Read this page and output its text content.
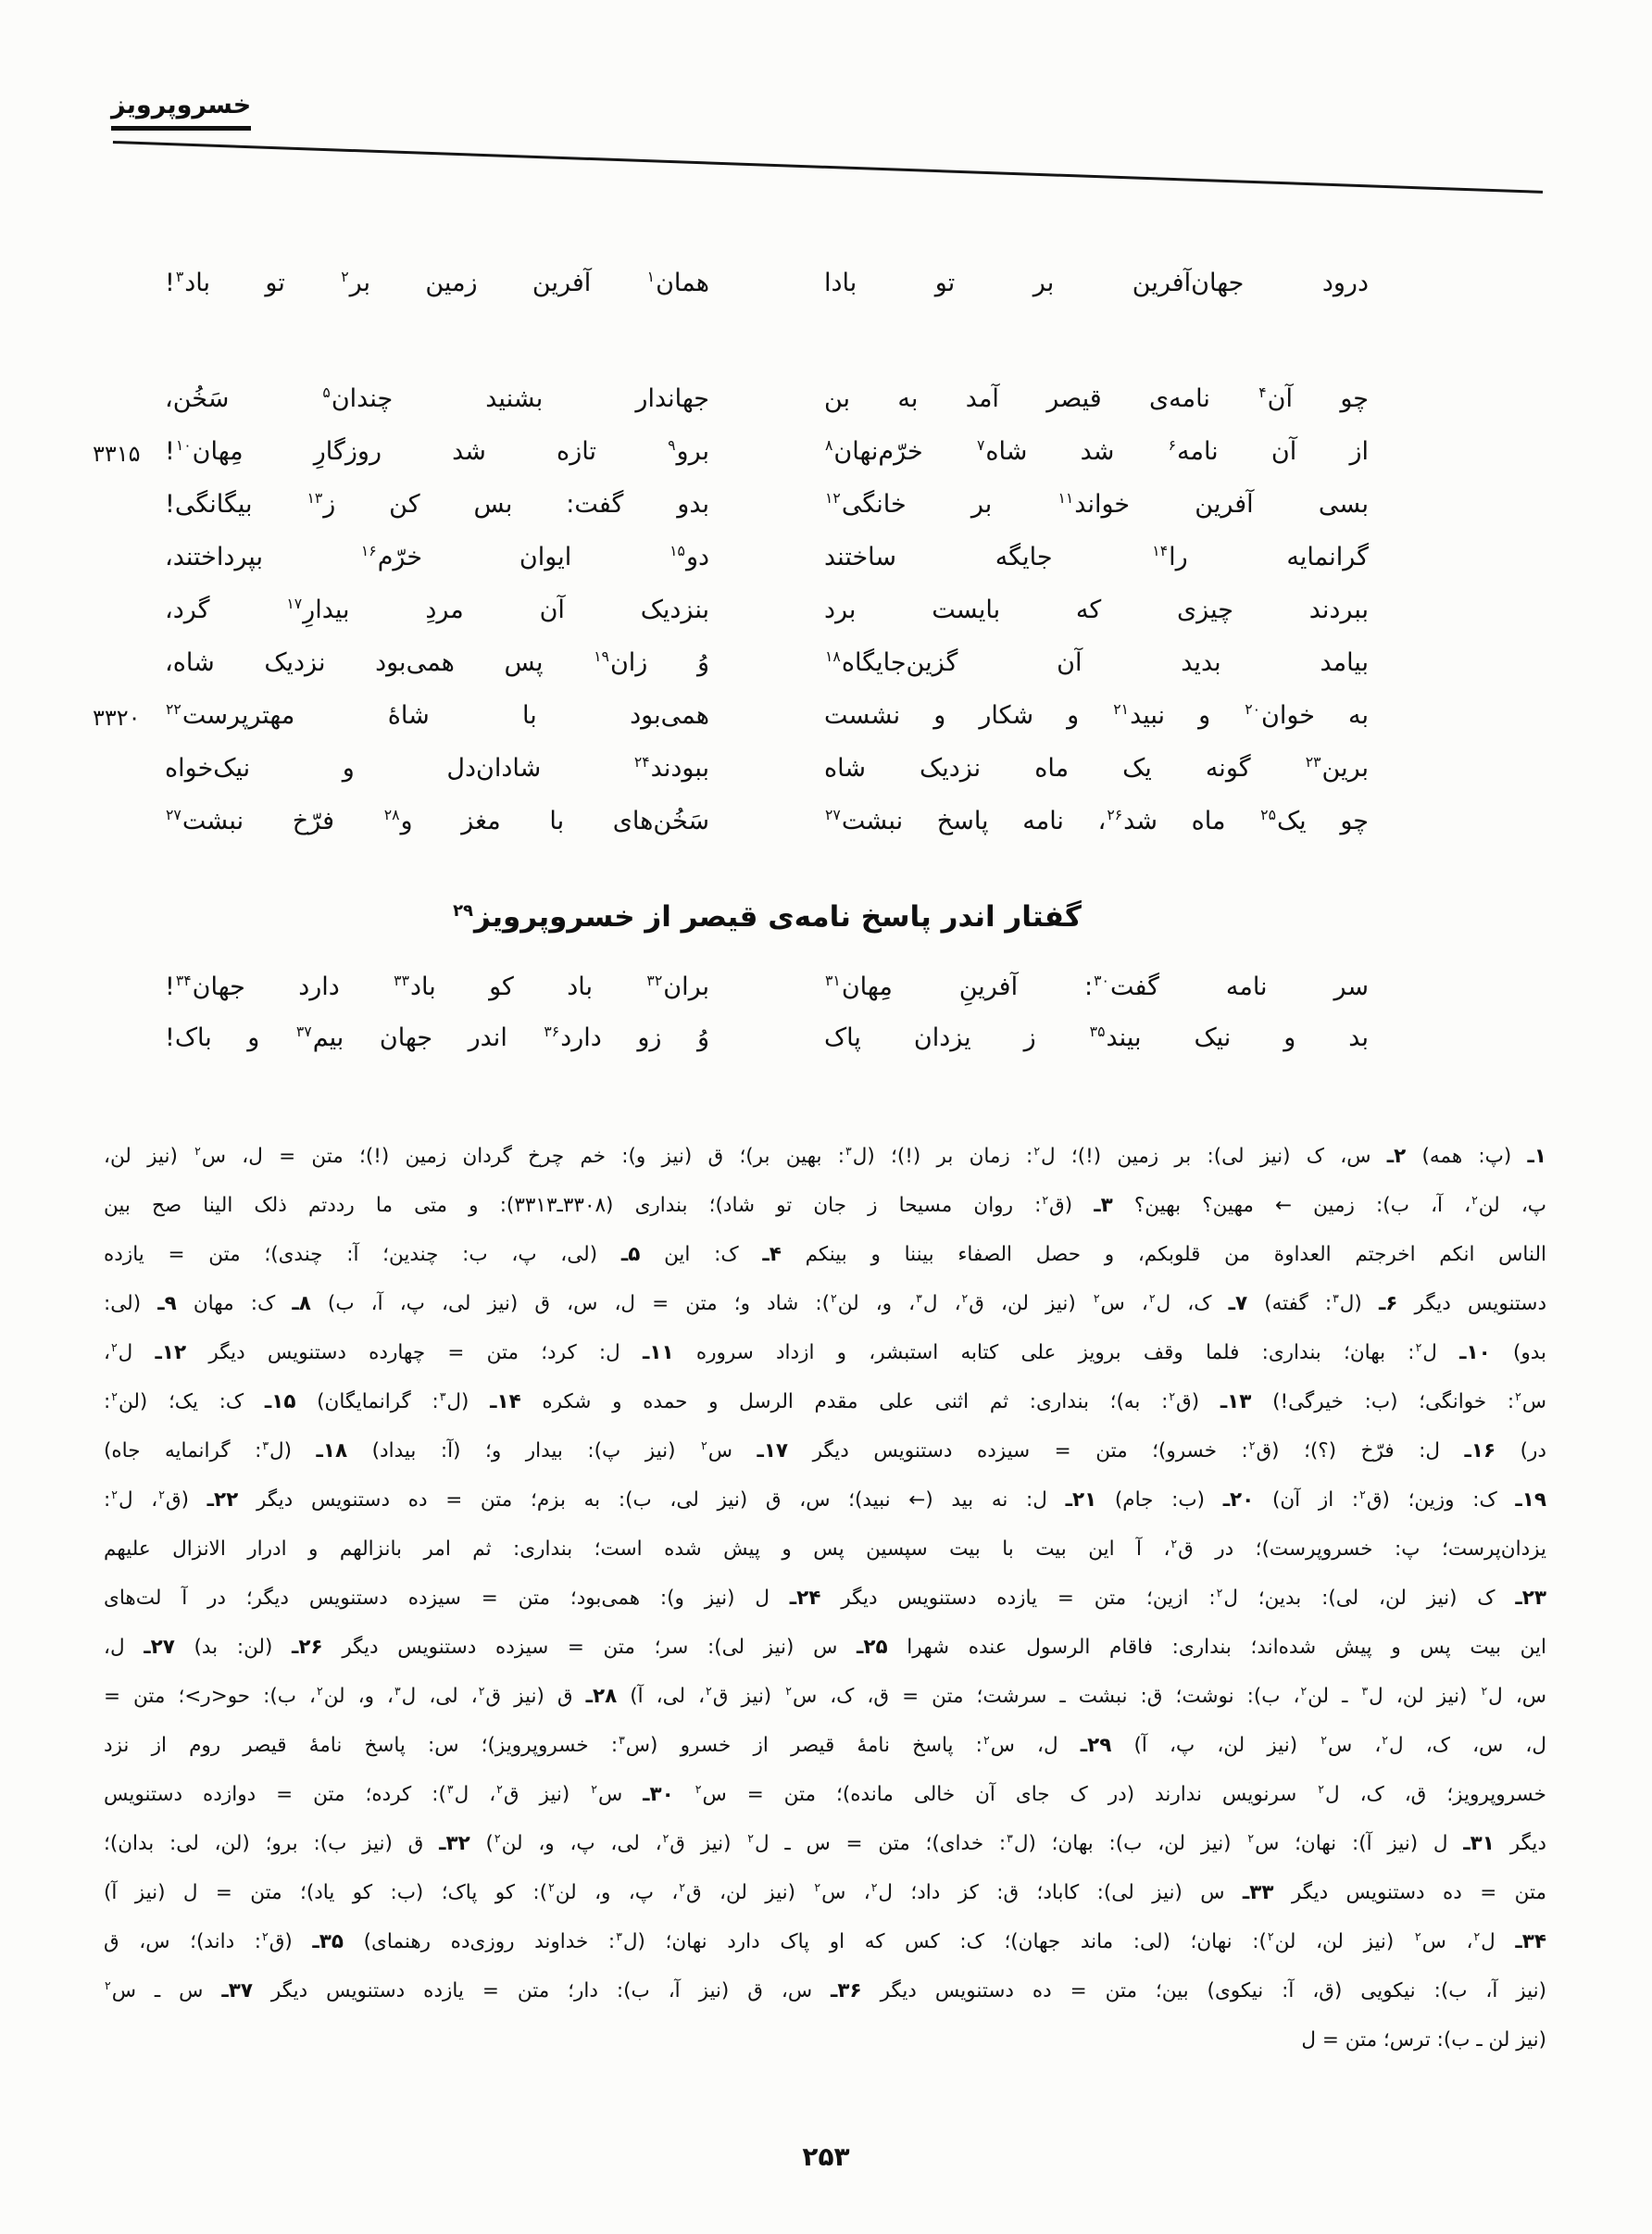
خسروپرویز
۳۳۱۵
۳۳۲۰
درود جهان‌آفرین بر تو بادا
همان$^۱$ آفرین زمین بر$^۲$ تو باد$^۳$!
چو آن$^۴$ نامه‌ی قیصر آمد به بن
جهاندار بشنید چندان$^۵$ سَخُن،
از آن نامه$^۶$ شد شاه$^۷$ خرّم‌نهان$^۸$
برو$^۹$ تازه شد روزگارِ مِهان$^{۱۰}$!
بسی آفرین خواند$^{۱۱}$ بر خانگی$^{۱۲}$
بدو گفت: بس کن ز$^{۱۳}$ بیگانگی!
گرانمایه را$^{۱۴}$ جایگه ساختند
دو$^{۱۵}$ ایوان خرّم$^{۱۶}$ بپرداختند،
ببردند چیزی که بایست برد
بنزدیک آن مردِ بیدارِ$^{۱۷}$ گرد،
بیامد بدید آن گزین‌جایگاه$^{۱۸}$
وُ زان$^{۱۹}$ پس همی‌بود نزدیک شاه،
به خوان$^{۲۰}$ و نبید$^{۲۱}$ و شکار و نشست
همی‌بود با شاهٔ مهترپرست$^{۲۲}$
برین$^{۲۳}$ گونه یک ماه نزدیک شاه
ببودند$^{۲۴}$ شادان‌دل و نیک‌خواه
چو یک$^{۲۵}$ ماه شد$^{۲۶}$، نامه پاسخ نبشت$^{۲۷}$
سَخُن‌های با مغز و$^{۲۸}$ فرّخ نبشت$^{۲۷}$
گفتار اندر پاسخ نامه‌ی قیصر از خسروپرویز$^{۲۹}$
سر نامه گفت$^{۳۰}$: آفرینِ مِهان$^{۳۱}$
بران$^{۳۲}$ باد کو باد$^{۳۳}$ دارد جهان$^{۳۴}$!
بد و نیک بیند$^{۳۵}$ ز یزدان پاک
وُ زو دارد$^{۳۶}$ اندر جهان بیم$^{۳۷}$ و باک!
۱ـ (پ: همه) ۲ـ س، ک (نیز لی): بر زمین (!)؛ ل$^۲$: زمان بر (!)؛ (ل$^۳$: بهین بر)؛ ق (نیز و): خم چرخ گردان زمین (!)؛ متن = ل، س$^۲$ (نیز لن،
پ، لن$^۲$، آ، ب): زمین ← مهین؟ بهین؟ ۳ـ (ق$^۲$: روان مسیحا ز جان تو شاد)؛ بنداری (۳۳۰۸ـ۳۳۱۳): و متی ما رددتم ذلک الینا صح بین
الناس انکم اخرجتم العداوة من قلوبکم، و حصل الصفاء بیننا و بینکم ۴ـ ک: این ۵ـ (لی، پ، ب: چندین؛ آ: چندی)؛ متن = یازده
دستنویس دیگر ۶ـ (ل$^۳$: گفته) ۷ـ ک، ل$^۲$، س$^۲$ (نیز لن، ق$^۲$، ل$^۳$، و، لن$^۲$): شاد و؛ متن = ل، س، ق (نیز لی، پ، آ، ب) ۸ـ ک: مهان ۹ـ (لی:
بدو) ۱۰ـ ل$^۲$: بهان؛ بنداری: فلما وقف برویز علی کتابه استبشر، و ازداد سروره ۱۱ـ ل: کرد؛ متن = چهارده دستنویس دیگر ۱۲ـ ل$^۲$،
س$^۲$: خوانگی؛ (ب: خیرگی!) ۱۳ـ (ق$^۲$: به)؛ بنداری: ثم اثنی علی مقدم الرسل و حمده و شکره ۱۴ـ (ل$^۳$: گرانمایگان) ۱۵ـ ک: یک؛ (لن$^۲$:
در) ۱۶ـ ل: فرّخ (؟)؛ (ق$^۲$: خسرو)؛ متن = سیزده دستنویس دیگر ۱۷ـ س$^۲$ (نیز پ): بیدار و؛ (آ: بیداد) ۱۸ـ (ل$^۳$: گرانمایه جاه)
۱۹ـ ک: وزین؛ (ق$^۲$: از آن) ۲۰ـ (ب: جام) ۲۱ـ ل: نه بید (← نبید)؛ س، ق (نیز لی، ب): به بزم؛ متن = ده دستنویس دیگر ۲۲ـ (ق$^۲$، ل$^۲$:
یزدان‌پرست؛ پ: خسروپرست)؛ در ق$^۲$، آ این بیت با بیت سپسین پس و پیش شده است؛ بنداری: ثم امر بانزالهم و ادرار الانزال علیهم
۲۳ـ ک (نیز لن، لی): بدین؛ ل$^۲$: ازین؛ متن = یازده دستنویس دیگر ۲۴ـ ل (نیز و): همی‌بود؛ متن = سیزده دستنویس دیگر؛ در آ لت‌های
این بیت پس و پیش شده‌اند؛ بنداری: فاقام الرسول عنده شهرا ۲۵ـ س (نیز لی): سر؛ متن = سیزده دستنویس دیگر ۲۶ـ (لن: بد) ۲۷ـ ل،
س، ل$^۲$ (نیز لن، ل$^۳$ ـ لن$^۲$، ب): نوشت؛ ق: نبشت ـ سرشت؛ متن = ق، ک، س$^۲$ (نیز ق$^۲$، لی، آ) ۲۸ـ ق (نیز ق$^۲$، لی، ل$^۳$، و، لن$^۲$، ب): حو<ر>؛ متن =
ل، س، ک، ل$^۲$، س$^۲$ (نیز لن، پ، آ) ۲۹ـ ل، س$^۲$: پاسخ نامهٔ قیصر از خسرو (س$^۳$: خسروپرویز)؛ س: پاسخ نامهٔ قیصر روم از نزد
خسروپرویز؛ ق، ک، ل$^۲$ سرنویس ندارند (در ک جای آن خالی مانده)؛ متن = س$^۲$ ۳۰ـ س$^۲$ (نیز ق$^۲$، ل$^۳$): کرده؛ متن = دوازده دستنویس
دیگر ۳۱ـ ل (نیز آ): نهان؛ س$^۲$ (نیز لن، ب): بهان؛ (ل$^۳$: خدای)؛ متن = س ـ ل$^۲$ (نیز ق$^۲$، لی، پ، و، لن$^۲$) ۳۲ـ ق (نیز ب): برو؛ (لن، لی: بدان)؛
متن = ده دستنویس دیگر ۳۳ـ س (نیز لی): کاباد؛ ق: کز داد؛ ل$^۲$، س$^۲$ (نیز لن، ق$^۲$، پ، و، لن$^۲$): کو پاک؛ (ب: کو یاد)؛ متن = ل (نیز آ)
۳۴ـ ل$^۲$، س$^۲$ (نیز لن، لن$^۲$): نهان؛ (لی: ماند جهان)؛ ک: کس که او پاک دارد نهان؛ (ل$^۳$: خداوند روزی‌ده رهنمای) ۳۵ـ (ق$^۲$: داند)؛ س، ق
(نیز آ، ب): نیکویی (ق، آ: نیکوی) بین؛ متن = ده دستنویس دیگر ۳۶ـ س، ق (نیز آ، ب): دار؛ متن = یازده دستنویس دیگر ۳۷ـ س ـ س$^۲$
(نیز لن ـ ب): ترس؛ متن = ل
۲۵۳
